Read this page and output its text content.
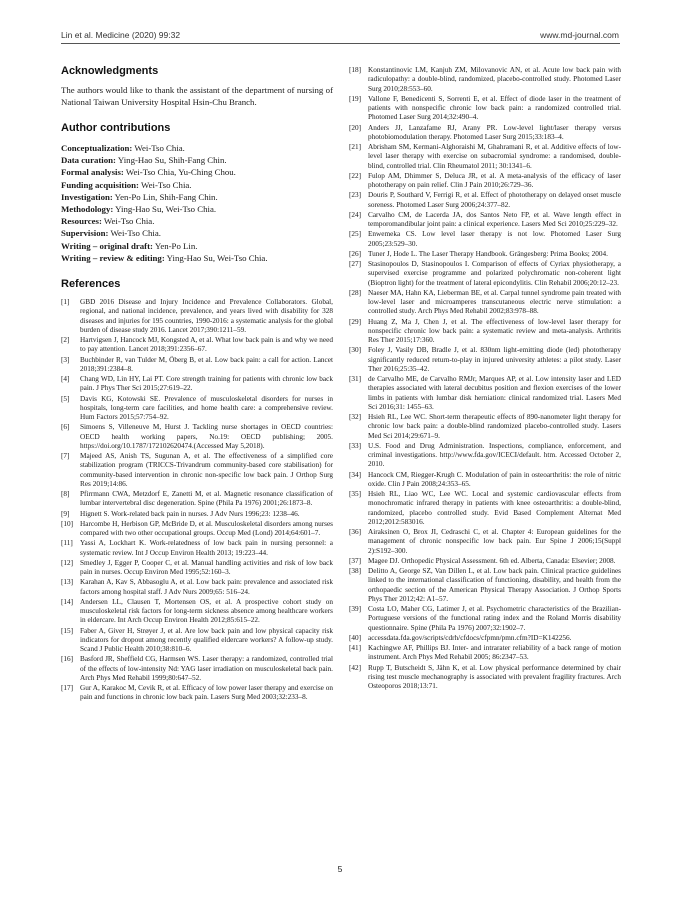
Lin et al. Medicine (2020) 99:32	www.md-journal.com
Acknowledgments

The authors would like to thank the assistant of the department of nursing of National Taiwan University Hospital Hsin-Chu Branch.

Author contributions
Conceptualization: Wei-Tso Chia.
Data curation: Ying-Hao Su, Shih-Fang Chin.
Formal analysis: Wei-Tso Chia, Yu-Ching Chou.
Funding acquisition: Wei-Tso Chia.
Investigation: Yen-Po Lin, Shih-Fang Chin.
Methodology: Ying-Hao Su, Wei-Tso Chia.
Resources: Wei-Tso Chia.
Supervision: Wei-Tso Chia.
Writing – original draft: Yen-Po Lin.
Writing – review & editing: Ying-Hao Su, Wei-Tso Chia.
References
[1] GBD 2016 Disease and Injury Incidence and Prevalence Collaborators. Global, regional, and national incidence, prevalence, and years lived with disability for 328 diseases and injuries for 195 countries, 1990-2016: a systematic analysis for the global burden of disease study 2016. Lancet 2017;390:1211–59.
[2] Hartvigsen J, Hancock MJ, Kongsted A, et al. What low back pain is and why we need to pay attention. Lancet 2018;391:2356–67.
[3] Buchbinder R, van Tulder M, Öberg B, et al. Low back pain: a call for action. Lancet 2018;391:2384–8.
[4] Chang WD, Lin HY, Lai PT. Core strength training for patients with chronic low back pain. J Phys Ther Sci 2015;27:619–22.
[5] Davis KG, Kotowski SE. Prevalence of musculoskeletal disorders for nurses in hospitals, long-term care facilities, and home health care: a comprehensive review. Hum Factors 2015;57:754–92.
[6] Simoens S, Villeneuve M, Hurst J. Tackling nurse shortages in OECD countries: OECD health working papers, No.19: OECD publishing; 2005. https://doi.org/10.1787/172102620474.(Accessed May 5,2018).
[7] Majeed AS, Anish TS, Sugunan A, et al. The effectiveness of a simplified core stabilization program (TRICCS-Trivandrum community-based core stabilisation) for community-based intervention in chronic non-specific low back pain. J Orthop Surg Res 2019;14:86.
[8] Pfirrmann CWA, Metzdorf E, Zanetti M, et al. Magnetic resonance classification of lumbar intervertebral disc degeneration. Spine (Phila Pa 1976) 2001;26:1873–8.
[9] Hignett S. Work-related back pain in nurses. J Adv Nurs 1996;23: 1238–46.
[10] Harcombe H, Herbison GP, McBride D, et al. Musculoskeletal disorders among nurses compared with two other occupational groups. Occup Med (Lond) 2014;64:601–7.
[11] Yassi A, Lockhart K. Work-relatedness of low back pain in nursing personnel: a systematic review. Int J Occup Environ Health 2013; 19:223–44.
[12] Smedley J, Egger P, Cooper C, et al. Manual handling activities and risk of low back pain in nurses. Occup Environ Med 1995;52:160–3.
[13] Karahan A, Kav S, Abbasoglu A, et al. Low back pain: prevalence and associated risk factors among hospital staff. J Adv Nurs 2009;65: 516–24.
[14] Andersen LL, Clausen T, Mortensen OS, et al. A prospective cohort study on musculoskeletal risk factors for long-term sickness absence among healthcare workers in eldercare. Int Arch Occup Environ Health 2012;85:615–22.
[15] Faber A, Giver H, Strøyer J, et al. Are low back pain and low physical capacity risk indicators for dropout among recently qualified eldercare workers? A follow-up study. Scand J Public Health 2010;38:810–6.
[16] Basford JR, Sheffield CG, Harmsen WS. Laser therapy: a randomized, controlled trial of the effects of low-intensity Nd: YAG laser irradiation on musculoskeletal back pain. Arch Phys Med Rehabil 1999;80:647–52.
[17] Gur A, Karakoc M, Cevik R, et al. Efficacy of low power laser therapy and exercise on pain and functions in chronic low back pain. Lasers Surg Med 2003;32:233–8.
[18] Konstantinovic LM, Kanjuh ZM, Milovanovic AN, et al. Acute low back pain with radiculopathy: a double-blind, randomized, placebo-controlled study. Photomed Laser Surg 2010;28:553–60.
[19] Vallone F, Benedicenti S, Sorrenti E, et al. Effect of diode laser in the treatment of patients with nonspecific chronic low back pain: a randomized controlled trial. Photomed Laser Surg 2014;32:490–4.
[20] Anders JJ, Lanzafame RJ, Arany PR. Low-level light/laser therapy versus photobiomodulation therapy. Photomed Laser Surg 2015;33:183–4.
[21] Abrisham SM, Kermani-Alghoraishi M, Ghahramani R, et al. Additive effects of low-level laser therapy with exercise on subacromial syndrome: a randomised, double-blind, controlled trial. Clin Rheumatol 2011; 30:1341–6.
[22] Fulop AM, Dhimmer S, Deluca JR, et al. A meta-analysis of the efficacy of laser phototherapy on pain relief. Clin J Pain 2010;26:729–36.
[23] Douris P, Southard V, Ferrigi R, et al. Effect of phototherapy on delayed onset muscle soreness. Photomed Laser Surg 2006;24:377–82.
[24] Carvalho CM, de Lacerda JA, dos Santos Neto FP, et al. Wave length effect in temporomandibular joint pain: a clinical experience. Lasers Med Sci 2010;25:229–32.
[25] Enwemeka CS. Low level laser therapy is not low. Photomed Laser Surg 2005;23:529–30.
[26] Tuner J, Hode L. The Laser Therapy Handbook. Grängesberg: Prima Books; 2004.
[27] Stasinopoulos D, Stasinopoulos I. Comparison of effects of Cyriax physiotherapy, a supervised exercise programme and polarized polychromatic non-coherent light (Bioptron light) for the treatment of lateral epicondylitis. Clin Rehabil 2006;20:12–23.
[28] Naeser MA, Hahn KA, Lieberman BE, et al. Carpal tunnel syndrome pain treated with low-level laser and microamperes transcutaneous electric nerve stimulation: a controlled study. Arch Phys Med Rehabil 2002;83:978–88.
[29] Huang Z, Ma J, Chen J, et al. The effectiveness of low-level laser therapy for nonspecific chronic low back pain: a systematic review and meta-analysis. Arthritis Res Ther 2015;17:360.
[30] Foley J, Vasily DB, Bradle J, et al. 830nm light-emitting diode (led) phototherapy significantly reduced return-to-play in injured university athletes: a pilot study. Laser Ther 2016;25:35–42.
[31] de Carvalho ME, de Carvalho RMJr, Marques AP, et al. Low intensity laser and LED therapies associated with lateral decubitus position and flexion exercises of the lower limbs in patients with lumbar disk herniation: clinical randomized trial. Lasers Med Sci 2016;31: 1455–63.
[32] Hsieh RL, Lee WC. Short-term therapeutic effects of 890-nanometer light therapy for chronic low back pain: a double-blind randomized placebo-controlled study. Lasers Med Sci 2014;29:671–9.
[33] U.S. Food and Drug Administration. Inspections, compliance, enforcement, and criminal investigations. http://www.fda.gov/ICECI/default. htm. Accessed October 2, 2010.
[34] Hancock CM, Riegger-Krugh C. Modulation of pain in osteoarthritis: the role of nitric oxide. Clin J Pain 2008;24:353–65.
[35] Hsieh RL, Liao WC, Lee WC. Local and systemic cardiovascular effects from monochromatic infrared therapy in patients with knee osteoarthritis: a double-blind, randomized, placebo controlled study. Evid Based Complement Alternat Med 2012;2012:583016.
[36] Airaksinen O, Brox JI, Cedraschi C, et al. Chapter 4: European guidelines for the management of chronic nonspecific low back pain. Eur Spine J 2006;15(Suppl 2):S192–300.
[37] Magee DJ. Orthopedic Physical Assessment. 6th ed. Alberta, Canada: Elsevier; 2008.
[38] Delitto A, George SZ, Van Dillen L, et al. Low back pain. Clinical practice guidelines linked to the international classification of functioning, disability, and health from the orthopaedic section of the American Physical Therapy Association. J Orthop Sports Phys Ther 2012;42: A1–57.
[39] Costa LO, Maher CG, Latimer J, et al. Psychometric characteristics of the Brazilian-Portuguese versions of the functional rating index and the Roland Morris disability questionnaire. Spine (Phila Pa 1976) 2007;32:1902–7.
[40] accessdata.fda.gov/scripts/cdrh/cfdocs/cfpmn/pmn.cfm?ID=K142256.
[41] Kachingwe AF, Phillips BJ. Inter- and intrarater reliability of a back range of motion instrument. Arch Phys Med Rehabil 2005; 86:2347–53.
[42] Rupp T, Butscheidt S, Jähn K, et al. Low physical performance determined by chair rising test muscle mechanography is associated with prevalent fragility fractures. Arch Osteoporos 2018;13:71.
5
